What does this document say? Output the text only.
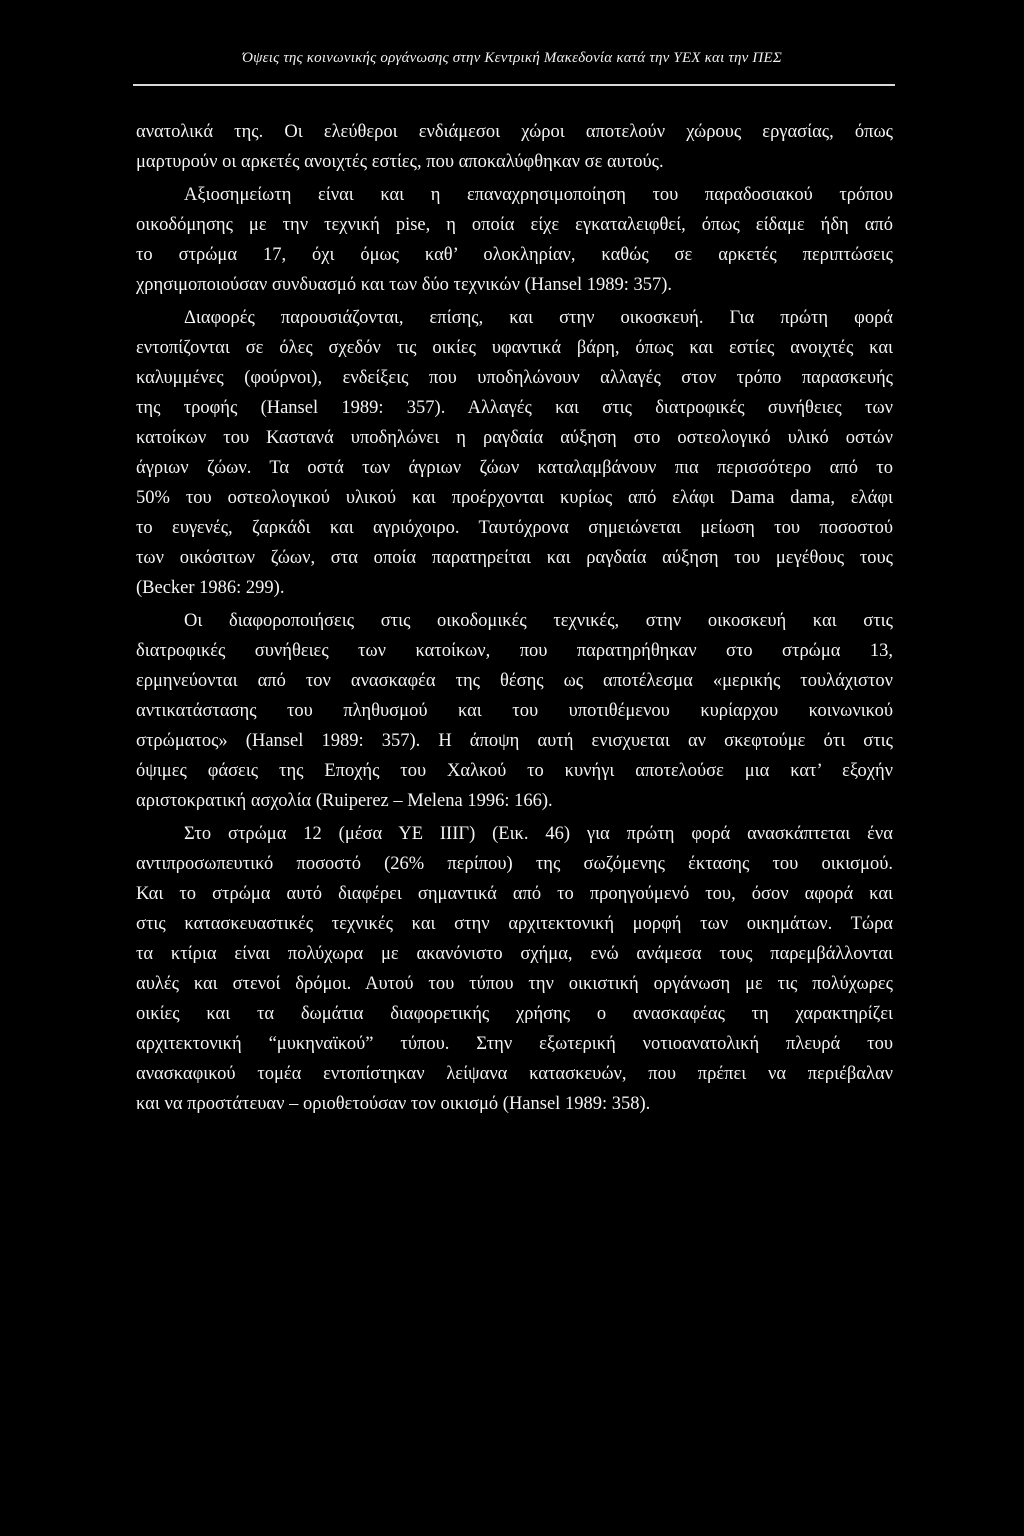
Όψεις της κοινωνικής οργάνωσης στην Κεντρική Μακεδονία κατά την ΥΕΧ και την ΠΕΣ
ανατολικά της. Οι ελεύθεροι ενδιάμεσοι χώροι αποτελούν χώρους εργασίας, όπως
μαρτυρούν οι αρκετές ανοιχτές εστίες, που αποκαλύφθηκαν σε αυτούς.
Αξιοσημείωτη είναι και η επαναχρησιμοποίηση του παραδοσιακού τρόπου
οικοδόμησης με την τεχνική pise, η οποία είχε εγκαταλειφθεί, όπως είδαμε ήδη από
το στρώμα 17, όχι όμως καθ’ ολοκληρίαν, καθώς σε αρκετές περιπτώσεις
χρησιμοποιούσαν συνδυασμό και των δύο τεχνικών (Hansel 1989: 357).
Διαφορές παρουσιάζονται, επίσης, και στην οικοσκευή. Για πρώτη φορά
εντοπίζονται σε όλες σχεδόν τις οικίες υφαντικά βάρη, όπως και εστίες ανοιχτές και
καλυμμένες (φούρνοι), ενδείξεις που υποδηλώνουν αλλαγές στον τρόπο παρασκευής
της τροφής (Hansel 1989: 357). Αλλαγές και στις διατροφικές συνήθειες των
κατοίκων του Καστανά υποδηλώνει η ραγδαία αύξηση στο οστεολογικό υλικό οστών
άγριων ζώων. Τα οστά των άγριων ζώων καταλαμβάνουν πια περισσότερο από το
50% του οστεολογικού υλικού και προέρχονται κυρίως από ελάφι Dama dama, ελάφι
το ευγενές, ζαρκάδι και αγριόχοιρο. Ταυτόχρονα σημειώνεται μείωση του ποσοστού
των οικόσιτων ζώων, στα οποία παρατηρείται και ραγδαία αύξηση του μεγέθους τους
(Becker 1986: 299).
Οι διαφοροποιήσεις στις οικοδομικές τεχνικές, στην οικοσκευή και στις
διατροφικές συνήθειες των κατοίκων, που παρατηρήθηκαν στο στρώμα 13,
ερμηνεύονται από τον ανασκαφέα της θέσης ως αποτέλεσμα «μερικής τουλάχιστον
αντικατάστασης του πληθυσμού και του υποτιθέμενου κυρίαρχου κοινωνικού
στρώματος» (Hansel 1989: 357). Η άποψη αυτή ενισχυεται αν σκεφτούμε ότι στις
όψιμες φάσεις της Εποχής του Χαλκού το κυνήγι αποτελούσε μια κατ’ εξοχήν
αριστοκρατική ασχολία (Ruiperez – Melena 1996: 166).
Στο στρώμα 12 (μέσα ΥΕ ΙΙΙΓ) (Εικ. 46) για πρώτη φορά ανασκάπτεται ένα
αντιπροσωπευτικό ποσοστό (26% περίπου) της σωζόμενης έκτασης του οικισμού.
Και το στρώμα αυτό διαφέρει σημαντικά από το προηγούμενό του, όσον αφορά και
στις κατασκευαστικές τεχνικές και στην αρχιτεκτονική μορφή των οικημάτων. Τώρα
τα κτίρια είναι πολύχωρα με ακανόνιστο σχήμα, ενώ ανάμεσα τους παρεμβάλλονται
αυλές και στενοί δρόμοι. Αυτού του τύπου την οικιστική οργάνωση με τις πολύχωρες
οικίες και τα δωμάτια διαφορετικής χρήσης ο ανασκαφέας τη χαρακτηρίζει
αρχιτεκτονική “μυκηναϊκού” τύπου. Στην εξωτερική νοτιοανατολική πλευρά του
ανασκαφικού τομέα εντοπίστηκαν λείψανα κατασκευών, που πρέπει να περιέβαλαν
και να προστάτευαν – οριοθετούσαν τον οικισμό (Hansel 1989: 358).
